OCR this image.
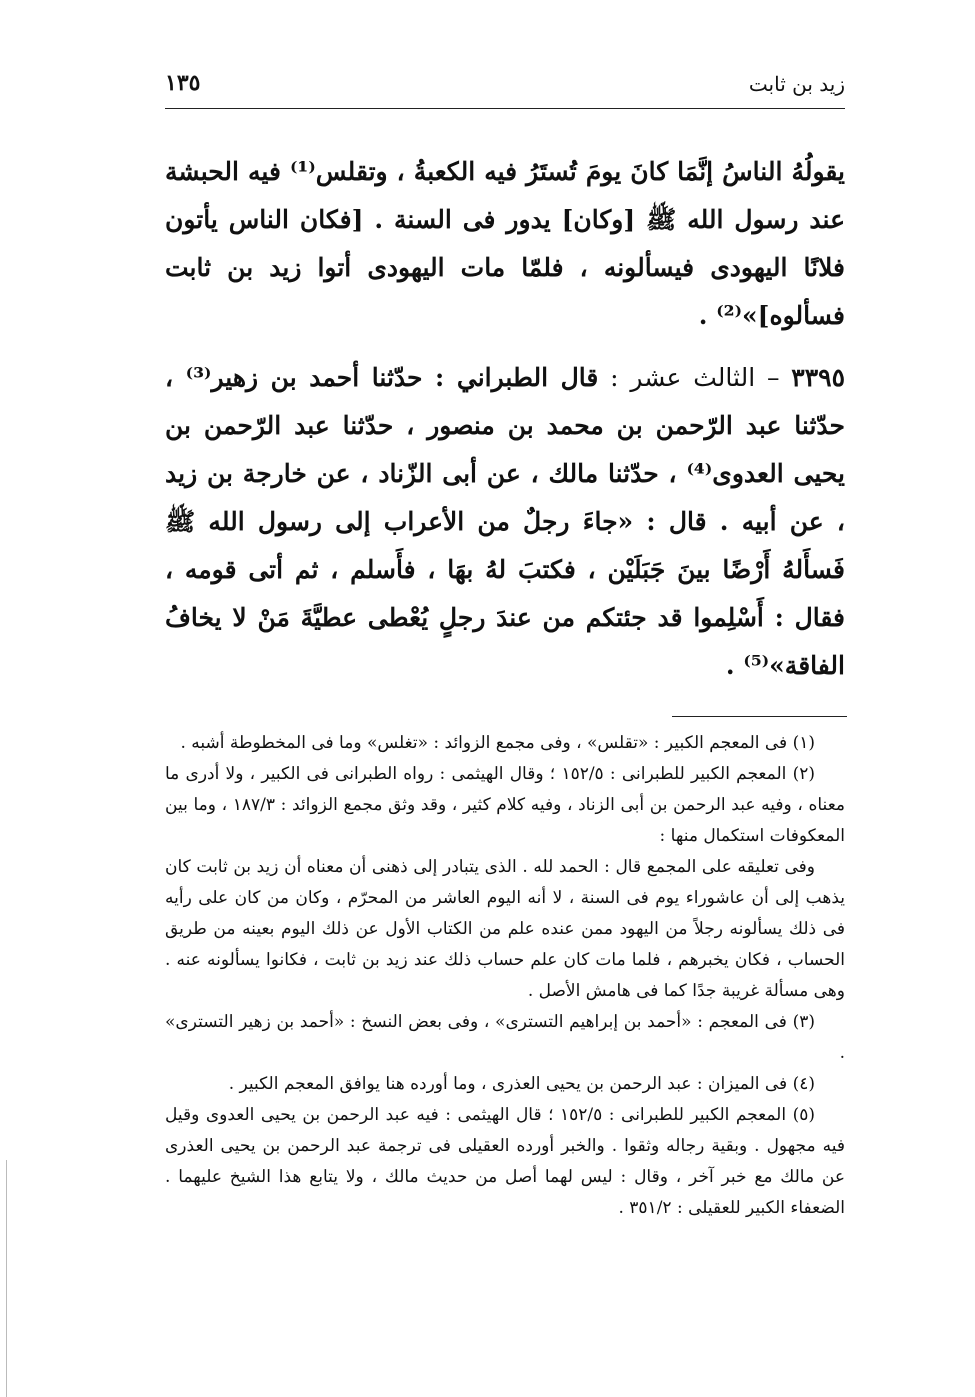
زيد بن ثابت
١٣٥

يقولُهُ الناسُ إنَّمَا كانَ يومَ تُستَرُ فيه الكعبةُ ، وتقلس⁽¹⁾ فيه الحبشة عند رسول الله ﷺ [وكان] يدور فى السنة . [فكان الناس يأتون فلانًا اليهودى فيسألونه ، فلمّا مات اليهودى أتوا زيد بن ثابت فسألوه]»⁽²⁾ .

٣٣٩٥ – الثالث عشر : قال الطبراني : حدّثنا أحمد بن زهير⁽³⁾ ، حدّثنا عبد الرّحمن بن محمد بن منصور ، حدّثنا عبد الرّحمن بن يحيى العدوى⁽⁴⁾ ، حدّثنا مالك ، عن أبى الزّناد ، عن خارجة بن زيد ، عن أبيه . قال : «جاءَ رجلٌ من الأعراب إلى رسول الله ﷺ فَسأَلهُ أَرْضًا بينَ جَبَلَيْن ، فكتبَ لهُ بهَا ، فأَسلم ، ثم أتى قومه ، فقال : أَسْلِموا قد جئتكم من عندَ رجلٍ يُعْطى عطيَّةَ مَنْ لا يخافُ الفاقة»⁽⁵⁾ .

(١) فى المعجم الكبير : «تقلس» ، وفى مجمع الزوائد : «تغلس» وما فى المخطوطة أشبه .

(٢) المعجم الكبير للطبرانى : ١٥٢/٥ ؛ وقال الهيثمى : رواه الطبرانى فى الكبير ، ولا أدرى ما معناه ، وفيه عبد الرحمن بن أبى الزناد ، وفيه كلام كثير ، وقد وثق مجمع الزوائد : ١٨٧/٣ ، وما بين المعكوفات استكمال منها :

وفى تعليقه على المجمع قال : الحمد لله . الذى يتبادر إلى ذهنى أن معناه أن زيد بن ثابت كان يذهب إلى أن عاشوراء يوم فى السنة ، لا أنه اليوم العاشر من المحرّم ، وكان من كان على رأيه فى ذلك يسألونه رجلاً من اليهود ممن عنده علم من الكتاب الأول عن ذلك اليوم بعينه من طريق الحساب ، فكان يخبرهم ، فلما مات كان علم حساب ذلك عند زيد بن ثابت ، فكانوا يسألونه عنه . وهى مسألة غريبة جدًا كما فى هامش الأصل .

(٣) فى المعجم : «أحمد بن إبراهيم التسترى» ، وفى بعض النسخ : «أحمد بن زهير التسترى» .

(٤) فى الميزان : عبد الرحمن بن يحيى العذرى ، وما أورده هنا يوافق المعجم الكبير .

(٥) المعجم الكبير للطبرانى : ١٥٢/٥ ؛ قال الهيثمى : فيه عبد الرحمن بن يحيى العدوى وقيل فيه مجهول . وبقية رجاله وثقوا . والخبر أورده العقيلى فى ترجمة عبد الرحمن بن يحيى العذرى عن مالك مع خبر آخر ، وقال : ليس لهما أصل من حديث مالك ، ولا يتابع هذا الشيخ عليهما . الضعفاء الكبير للعقيلى : ٣٥١/٢ .
